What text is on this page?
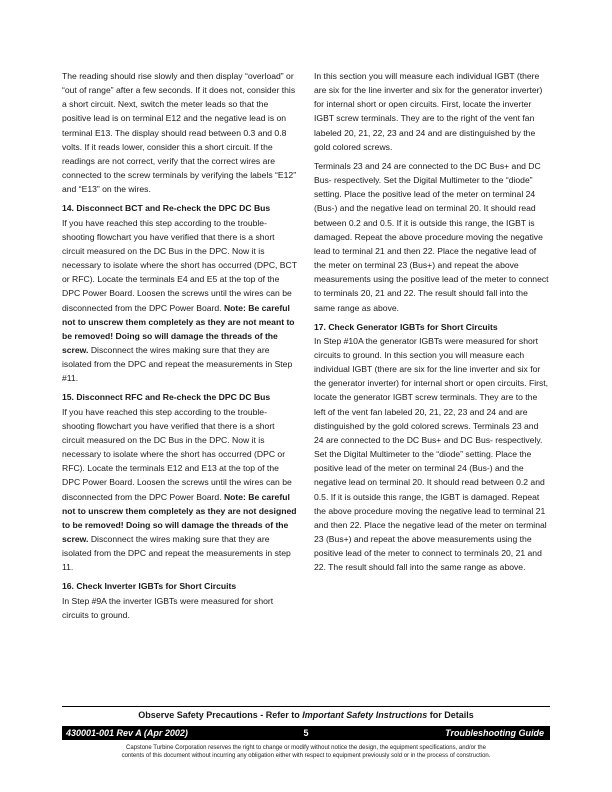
The reading should rise slowly and then display “overload” or “out of range” after a few seconds. If it does not, consider this a short circuit. Next, switch the meter leads so that the positive lead is on terminal E12 and the negative lead is on terminal E13. The display should read between 0.3 and 0.8 volts. If it reads lower, consider this a short circuit. If the readings are not correct, verify that the correct wires are connected to the screw terminals by verifying the labels “E12” and “E13” on the wires.

14. Disconnect BCT and Re-check the DPC DC Bus

If you have reached this step according to the trouble-shooting flowchart you have verified that there is a short circuit measured on the DC Bus in the DPC. Now it is necessary to isolate where the short has occurred (DPC, BCT or RFC). Locate the terminals E4 and E5 at the top of the DPC Power Board. Loosen the screws until the wires can be disconnected from the DPC Power Board. Note: Be careful not to unscrew them completely as they are not meant to be removed! Doing so will damage the threads of the screw. Disconnect the wires making sure that they are isolated from the DPC and repeat the measurements in Step #11.

15. Disconnect RFC and Re-check the DPC DC Bus

If you have reached this step according to the trouble-shooting flowchart you have verified that there is a short circuit measured on the DC Bus in the DPC. Now it is necessary to isolate where the short has occurred (DPC or RFC). Locate the terminals E12 and E13 at the top of the DPC Power Board. Loosen the screws until the wires can be disconnected from the DPC Power Board. Note: Be careful not to unscrew them completely as they are not designed to be removed! Doing so will damage the threads of the screw. Disconnect the wires making sure that they are isolated from the DPC and repeat the measurements in step 11.

16. Check Inverter IGBTs for Short Circuits

In Step #9A the inverter IGBTs were measured for short circuits to ground.

In this section you will measure each individual IGBT (there are six for the line inverter and six for the generator inverter) for internal short or open circuits. First, locate the inverter IGBT screw terminals. They are to the right of the vent fan labeled 20, 21, 22, 23 and 24 and are distinguished by the gold colored screws.

Terminals 23 and 24 are connected to the DC Bus+ and DC Bus- respectively. Set the Digital Multimeter to the “diode” setting. Place the positive lead of the meter on terminal 24 (Bus-) and the negative lead on terminal 20. It should read between 0.2 and 0.5. If it is outside this range, the IGBT is damaged. Repeat the above procedure moving the negative lead to terminal 21 and then 22. Place the negative lead of the meter on terminal 23 (Bus+) and repeat the above measurements using the positive lead of the meter to connect to terminals 20, 21 and 22. The result should fall into the same range as above.

17. Check Generator IGBTs for Short Circuits

In Step #10A the generator IGBTs were measured for short circuits to ground. In this section you will measure each individual IGBT (there are six for the line inverter and six for the generator inverter) for internal short or open circuits. First, locate the generator IGBT screw terminals. They are to the left of the vent fan labeled 20, 21, 22, 23 and 24 and are distinguished by the gold colored screws. Terminals 23 and 24 are connected to the DC Bus+ and DC Bus- respectively. Set the Digital Multimeter to the “diode” setting. Place the positive lead of the meter on terminal 24 (Bus-) and the negative lead on terminal 20. It should read between 0.2 and 0.5. If it is outside this range, the IGBT is damaged. Repeat the above procedure moving the negative lead to terminal 21 and then 22. Place the negative lead of the meter on terminal 23 (Bus+) and repeat the above measurements using the positive lead of the meter to connect to terminals 20, 21 and 22. The result should fall into the same range as above.

Observe Safety Precautions - Refer to Important Safety Instructions for Details
5
430001-001 Rev A (Apr 2002)	Troubleshooting Guide
Capstone Turbine Corporation reserves the right to change or modify without notice the design, the equipment specifications, and/or the
contents of this document without incurring any obligation either with respect to equipment previously sold or in the process of construction.
